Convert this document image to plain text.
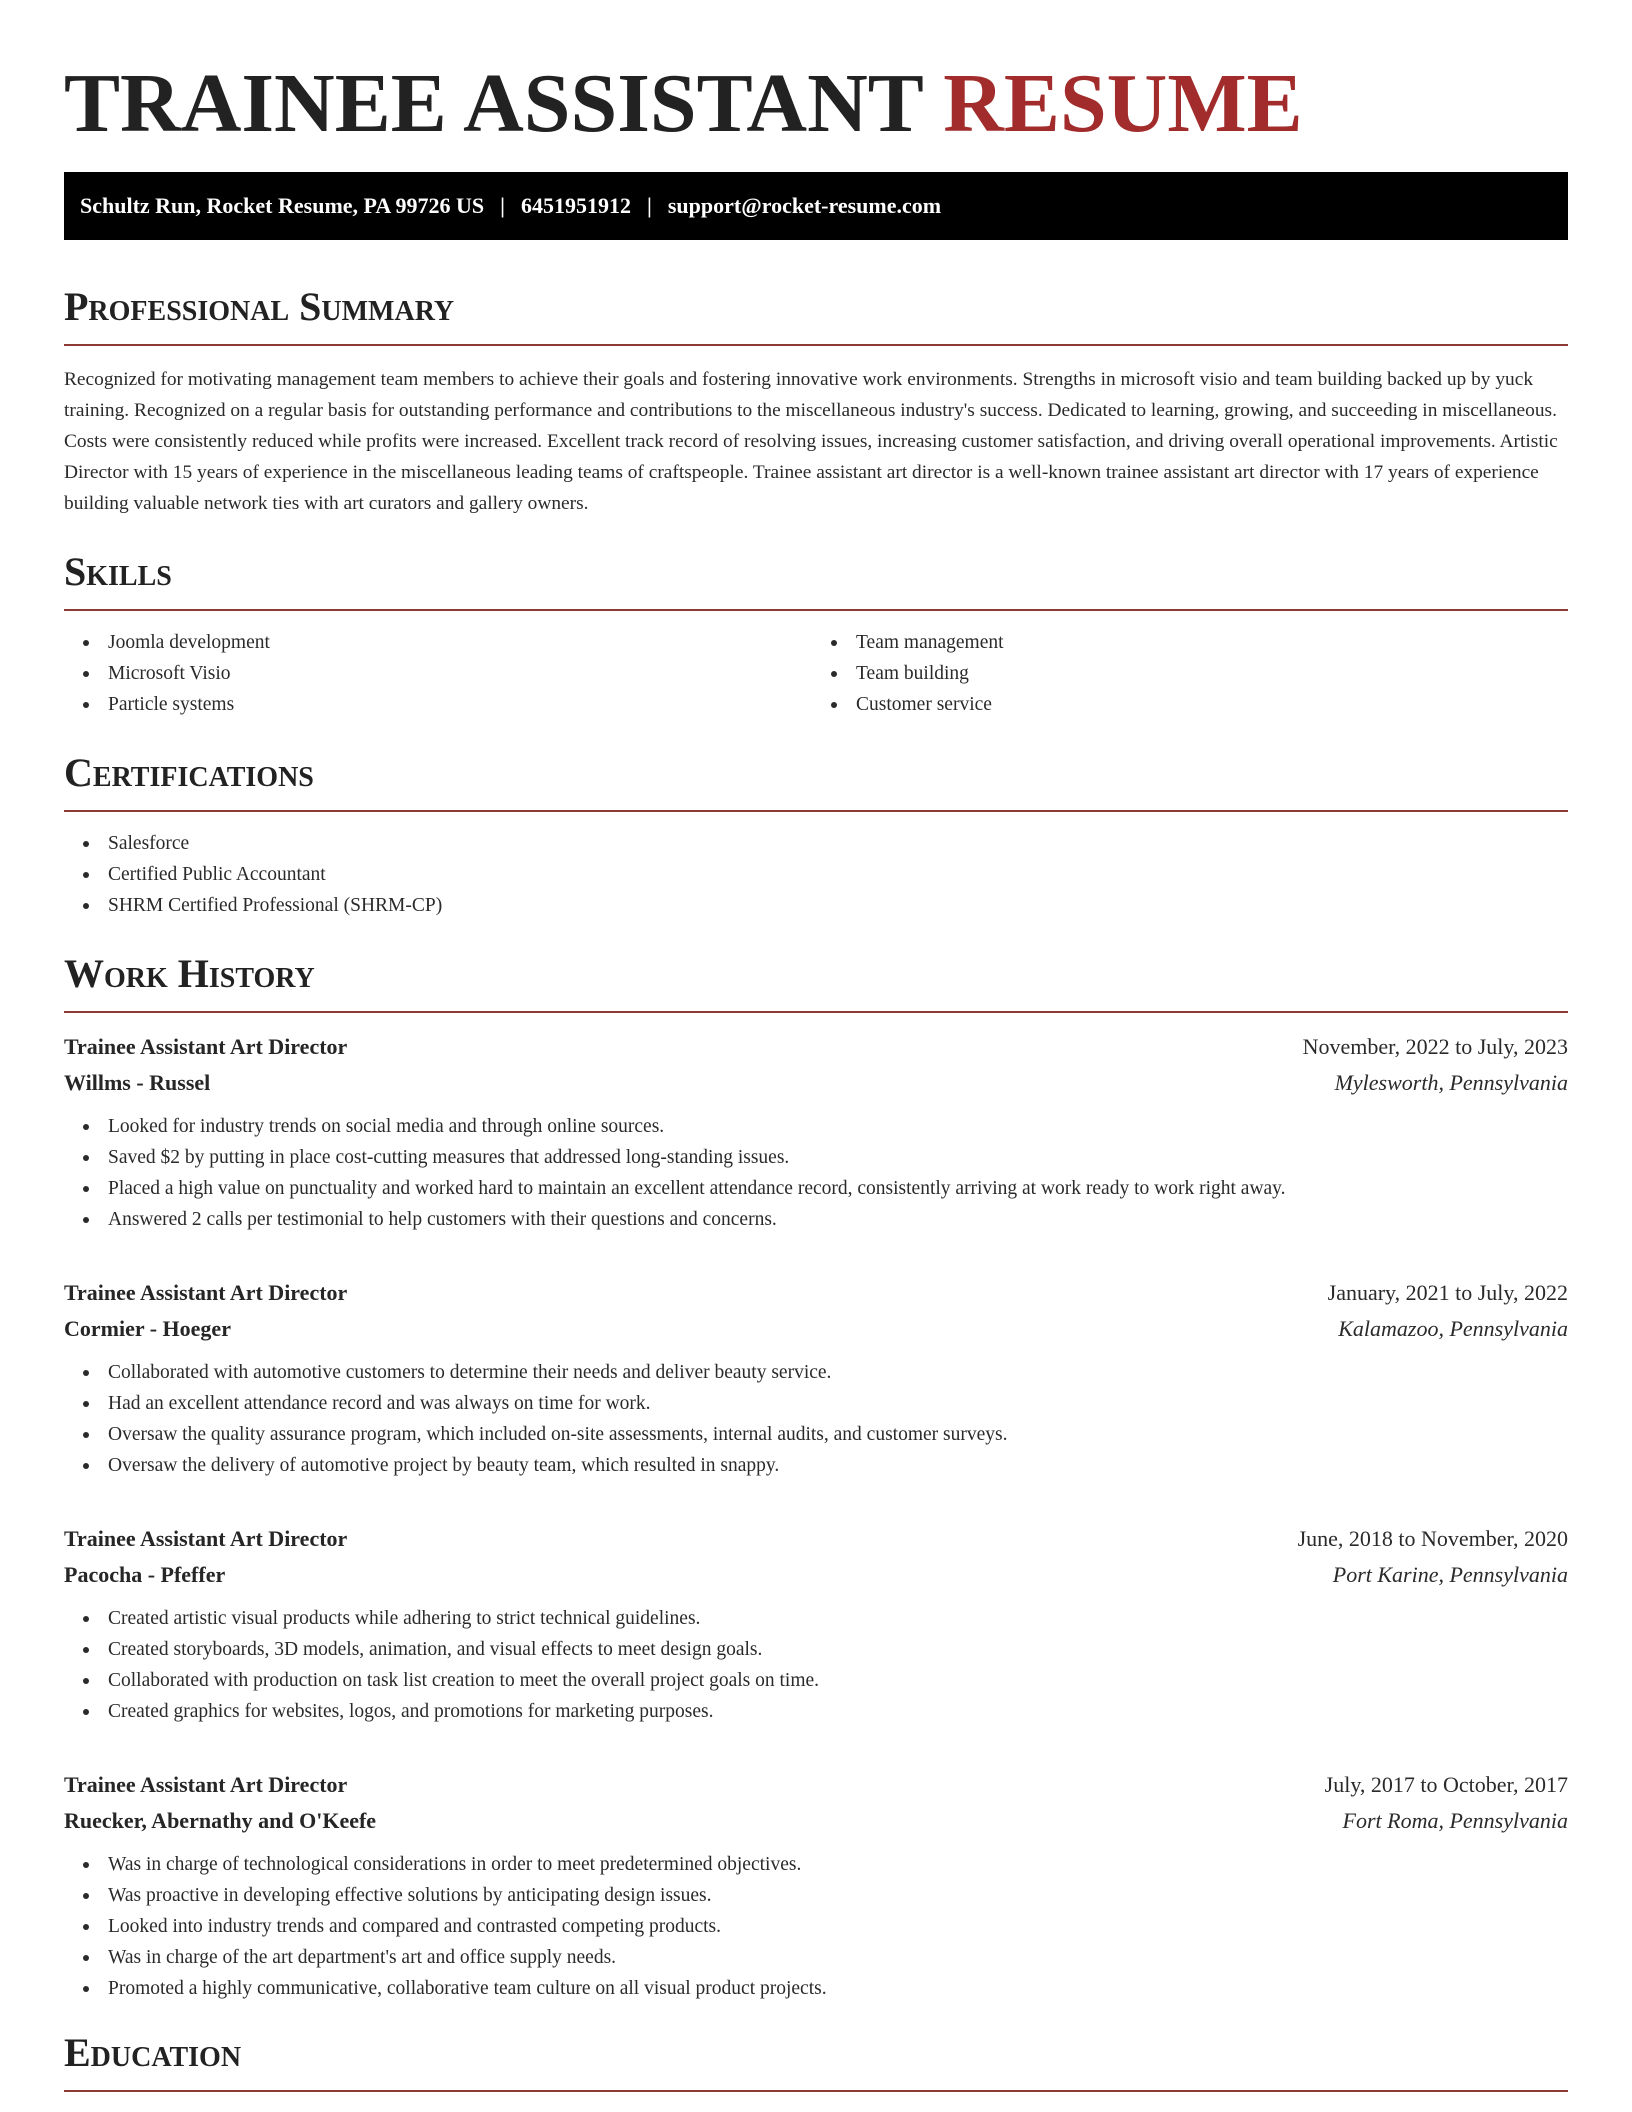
TRAINEE ASSISTANT RESUME
Schultz Run, Rocket Resume, PA 99726 US | 6451951912 | support@rocket-resume.com
Professional Summary

Recognized for motivating management team members to achieve their goals and fostering innovative work environments. Strengths in microsoft visio and team building backed up by yuck training. Recognized on a regular basis for outstanding performance and contributions to the miscellaneous industry's success. Dedicated to learning, growing, and succeeding in miscellaneous. Costs were consistently reduced while profits were increased. Excellent track record of resolving issues, increasing customer satisfaction, and driving overall operational improvements. Artistic Director with 15 years of experience in the miscellaneous leading teams of craftspeople. Trainee assistant art director is a well-known trainee assistant art director with 17 years of experience building valuable network ties with art curators and gallery owners.

Skills
Joomla development
Microsoft Visio
Particle systems
Team management
Team building
Customer service
Certifications
Salesforce
Certified Public Accountant
SHRM Certified Professional (SHRM-CP)
Work History
Trainee Assistant Art Director	November, 2022 to July, 2023
Willms - Russel	Mylesworth, Pennsylvania
Looked for industry trends on social media and through online sources.
Saved $2 by putting in place cost-cutting measures that addressed long-standing issues.
Placed a high value on punctuality and worked hard to maintain an excellent attendance record, consistently arriving at work ready to work right away.
Answered 2 calls per testimonial to help customers with their questions and concerns.
Trainee Assistant Art Director	January, 2021 to July, 2022
Cormier - Hoeger	Kalamazoo, Pennsylvania
Collaborated with automotive customers to determine their needs and deliver beauty service.
Had an excellent attendance record and was always on time for work.
Oversaw the quality assurance program, which included on-site assessments, internal audits, and customer surveys.
Oversaw the delivery of automotive project by beauty team, which resulted in snappy.
Trainee Assistant Art Director	June, 2018 to November, 2020
Pacocha - Pfeffer	Port Karine, Pennsylvania
Created artistic visual products while adhering to strict technical guidelines.
Created storyboards, 3D models, animation, and visual effects to meet design goals.
Collaborated with production on task list creation to meet the overall project goals on time.
Created graphics for websites, logos, and promotions for marketing purposes.
Trainee Assistant Art Director	July, 2017 to October, 2017
Ruecker, Abernathy and O'Keefe	Fort Roma, Pennsylvania
Was in charge of technological considerations in order to meet predetermined objectives.
Was proactive in developing effective solutions by anticipating design issues.
Looked into industry trends and compared and contrasted competing products.
Was in charge of the art department's art and office supply needs.
Promoted a highly communicative, collaborative team culture on all visual product projects.
Education
